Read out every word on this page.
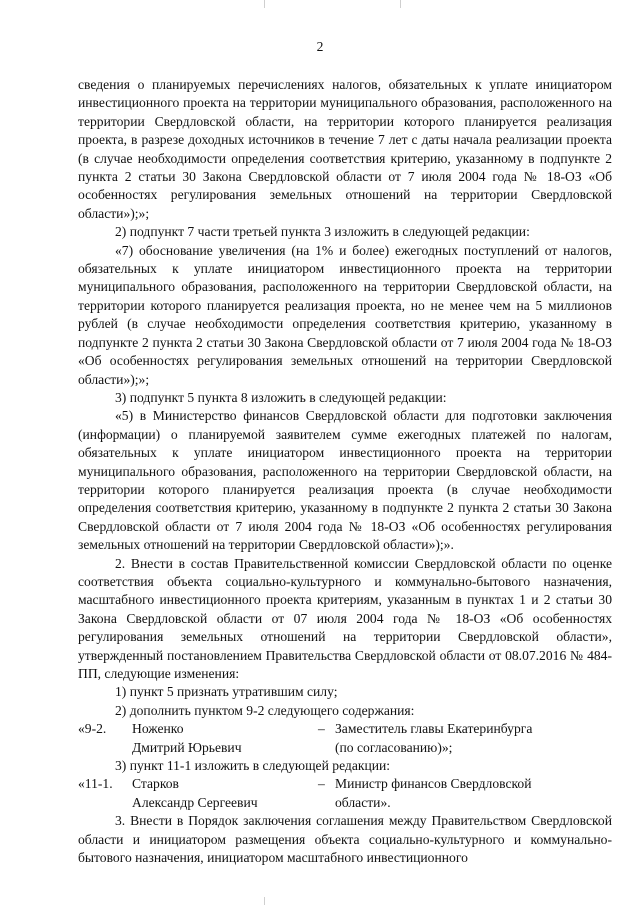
2

сведения о планируемых перечислениях налогов, обязательных к уплате инициатором инвестиционного проекта на территории муниципального образования, расположенного на территории Свердловской области, на территории которого планируется реализация проекта, в разрезе доходных источников в течение 7 лет с даты начала реализации проекта (в случае необходимости определения соответствия критерию, указанному в подпункте 2 пункта 2 статьи 30 Закона Свердловской области от 7 июля 2004 года № 18-ОЗ «Об особенностях регулирования земельных отношений на территории Свердловской области»);»;

2) подпункт 7 части третьей пункта 3 изложить в следующей редакции:

«7) обоснование увеличения (на 1% и более) ежегодных поступлений от налогов, обязательных к уплате инициатором инвестиционного проекта на территории муниципального образования, расположенного на территории Свердловской области, на территории которого планируется реализация проекта, но не менее чем на 5 миллионов рублей (в случае необходимости определения соответствия критерию, указанному в подпункте 2 пункта 2 статьи 30 Закона Свердловской области от 7 июля 2004 года № 18-ОЗ «Об особенностях регулирования земельных отношений на территории Свердловской области»);»;

3) подпункт 5 пункта 8 изложить в следующей редакции:

«5) в Министерство финансов Свердловской области для подготовки заключения (информации) о планируемой заявителем сумме ежегодных платежей по налогам, обязательных к уплате инициатором инвестиционного проекта на территории муниципального образования, расположенного на территории Свердловской области, на территории которого планируется реализация проекта (в случае необходимости определения соответствия критерию, указанному в подпункте 2 пункта 2 статьи 30 Закона Свердловской области от 7 июля 2004 года № 18-ОЗ «Об особенностях регулирования земельных отношений на территории Свердловской области»);».

2. Внести в состав Правительственной комиссии Свердловской области по оценке соответствия объекта социально-культурного и коммунально-бытового назначения, масштабного инвестиционного проекта критериям, указанным в пунктах 1 и 2 статьи 30 Закона Свердловской области от 07 июля 2004 года № 18-ОЗ «Об особенностях регулирования земельных отношений на территории Свердловской области», утвержденный постановлением Правительства Свердловской области от 08.07.2016 № 484-ПП, следующие изменения:

1) пункт 5 признать утратившим силу;

2) дополнить пунктом 9-2 следующего содержания:

«9-2. Ноженко	– Заместитель главы Екатеринбурга
Дмитрий Юрьевич	(по согласованию)»;

3) пункт 11-1 изложить в следующей редакции:

«11-1. Старков	– Министр финансов Свердловской
Александр Сергеевич	области».

3. Внести в Порядок заключения соглашения между Правительством Свердловской области и инициатором размещения объекта социально-культурного и коммунально-бытового назначения, инициатором масштабного инвестиционного
